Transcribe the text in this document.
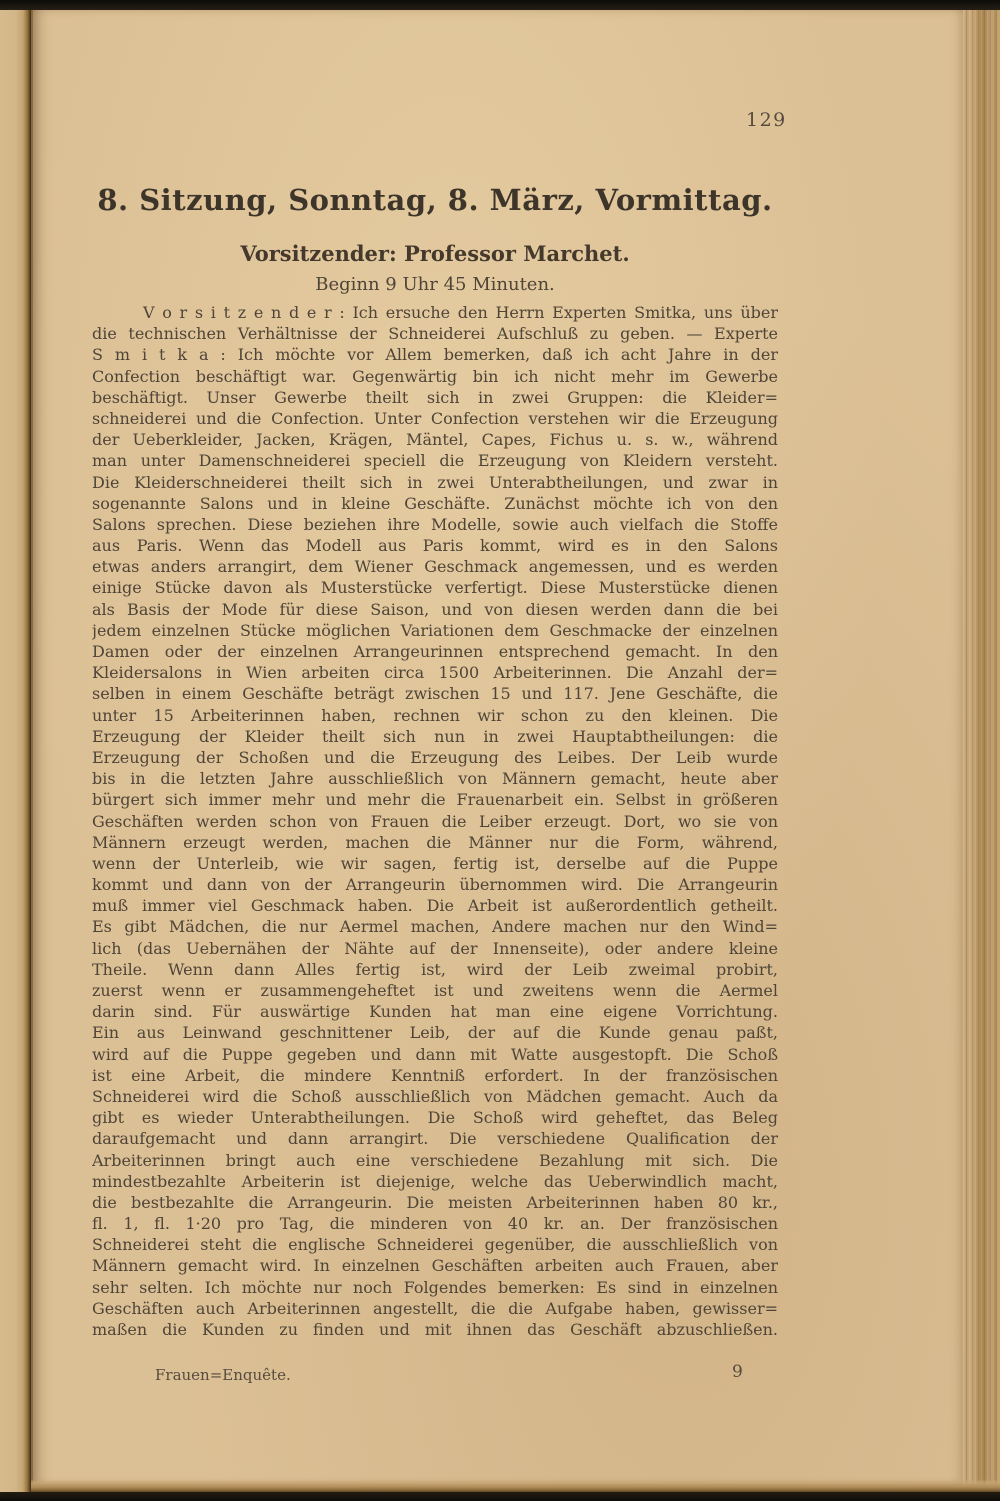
129
8. Sitzung, Sonntag, 8. März, Vormittag.
Vorsitzender: Professor Marchet.
Beginn 9 Uhr 45 Minuten.
V o r s i t z e n d e r : Ich ersuche den Herrn Experten Smitka, uns über
die technischen Verhältnisse der Schneiderei Aufschluß zu geben. — Experte
S m i t k a : Ich möchte vor Allem bemerken, daß ich acht Jahre in der
Confection beschäftigt war. Gegenwärtig bin ich nicht mehr im Gewerbe
beschäftigt. Unser Gewerbe theilt sich in zwei Gruppen: die Kleider=
schneiderei und die Confection. Unter Confection verstehen wir die Erzeugung
der Ueberkleider, Jacken, Krägen, Mäntel, Capes, Fichus u. s. w., während
man unter Damenschneiderei speciell die Erzeugung von Kleidern versteht.
Die Kleiderschneiderei theilt sich in zwei Unterabtheilungen, und zwar in
sogenannte Salons und in kleine Geschäfte. Zunächst möchte ich von den
Salons sprechen. Diese beziehen ihre Modelle, sowie auch vielfach die Stoffe
aus Paris. Wenn das Modell aus Paris kommt, wird es in den Salons
etwas anders arrangirt, dem Wiener Geschmack angemessen, und es werden
einige Stücke davon als Musterstücke verfertigt. Diese Musterstücke dienen
als Basis der Mode für diese Saison, und von diesen werden dann die bei
jedem einzelnen Stücke möglichen Variationen dem Geschmacke der einzelnen
Damen oder der einzelnen Arrangeurinnen entsprechend gemacht. In den
Kleidersalons in Wien arbeiten circa 1500 Arbeiterinnen. Die Anzahl der=
selben in einem Geschäfte beträgt zwischen 15 und 117. Jene Geschäfte, die
unter 15 Arbeiterinnen haben, rechnen wir schon zu den kleinen. Die
Erzeugung der Kleider theilt sich nun in zwei Hauptabtheilungen: die
Erzeugung der Schoßen und die Erzeugung des Leibes. Der Leib wurde
bis in die letzten Jahre ausschließlich von Männern gemacht, heute aber
bürgert sich immer mehr und mehr die Frauenarbeit ein. Selbst in größeren
Geschäften werden schon von Frauen die Leiber erzeugt. Dort, wo sie von
Männern erzeugt werden, machen die Männer nur die Form, während,
wenn der Unterleib, wie wir sagen, fertig ist, derselbe auf die Puppe
kommt und dann von der Arrangeurin übernommen wird. Die Arrangeurin
muß immer viel Geschmack haben. Die Arbeit ist außerordentlich getheilt.
Es gibt Mädchen, die nur Aermel machen, Andere machen nur den Wind=
lich (das Uebernähen der Nähte auf der Innenseite), oder andere kleine
Theile. Wenn dann Alles fertig ist, wird der Leib zweimal probirt,
zuerst wenn er zusammengeheftet ist und zweitens wenn die Aermel
darin sind. Für auswärtige Kunden hat man eine eigene Vorrichtung.
Ein aus Leinwand geschnittener Leib, der auf die Kunde genau paßt,
wird auf die Puppe gegeben und dann mit Watte ausgestopft. Die Schoß
ist eine Arbeit, die mindere Kenntniß erfordert. In der französischen
Schneiderei wird die Schoß ausschließlich von Mädchen gemacht. Auch da
gibt es wieder Unterabtheilungen. Die Schoß wird geheftet, das Beleg
daraufgemacht und dann arrangirt. Die verschiedene Qualification der
Arbeiterinnen bringt auch eine verschiedene Bezahlung mit sich. Die
mindestbezahlte Arbeiterin ist diejenige, welche das Ueberwindlich macht,
die bestbezahlte die Arrangeurin. Die meisten Arbeiterinnen haben 80 kr.,
fl. 1, fl. 1·20 pro Tag, die minderen von 40 kr. an. Der französischen
Schneiderei steht die englische Schneiderei gegenüber, die ausschließlich von
Männern gemacht wird. In einzelnen Geschäften arbeiten auch Frauen, aber
sehr selten. Ich möchte nur noch Folgendes bemerken: Es sind in einzelnen
Geschäften auch Arbeiterinnen angestellt, die die Aufgabe haben, gewisser=
maßen die Kunden zu finden und mit ihnen das Geschäft abzuschließen.
Frauen=Enquête.	9
